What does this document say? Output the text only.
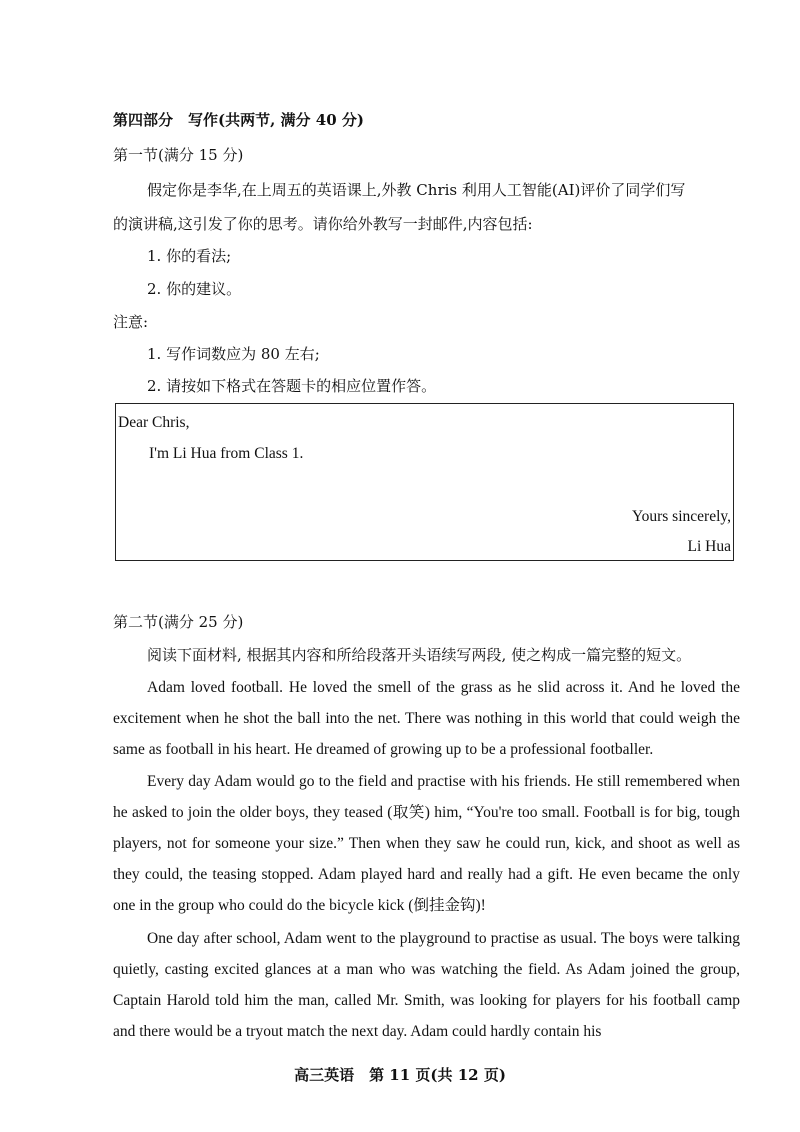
第四部分　写作(共两节, 满分 40 分)
第一节(满分 15 分)
假定你是李华,在上周五的英语课上,外教 Chris 利用人工智能(AI)评价了同学们写
的演讲稿,这引发了你的思考。请你给外教写一封邮件,内容包括:
1. 你的看法;
2. 你的建议。
注意:
1. 写作词数应为 80 左右;
2. 请按如下格式在答题卡的相应位置作答。
Dear Chris,
I'm Li Hua from Class 1.
Yours sincerely,
Li Hua
第二节(满分 25 分)
阅读下面材料, 根据其内容和所给段落开头语续写两段, 使之构成一篇完整的短文。
Adam loved football. He loved the smell of the grass as he slid across it. And he loved the excitement when he shot the ball into the net. There was nothing in this world that could weigh the same as football in his heart. He dreamed of growing up to be a professional footballer.
Every day Adam would go to the field and practise with his friends. He still remembered when he asked to join the older boys, they teased (取笑) him, “You're too small. Football is for big, tough players, not for someone your size.” Then when they saw he could run, kick, and shoot as well as they could, the teasing stopped. Adam played hard and really had a gift. He even became the only one in the group who could do the bicycle kick (倒挂金钩)!
One day after school, Adam went to the playground to practise as usual. The boys were talking quietly, casting excited glances at a man who was watching the field. As Adam joined the group, Captain Harold told him the man, called Mr. Smith, was looking for players for his football camp and there would be a tryout match the next day. Adam could hardly contain his
高三英语　第 11 页(共 12 页)
